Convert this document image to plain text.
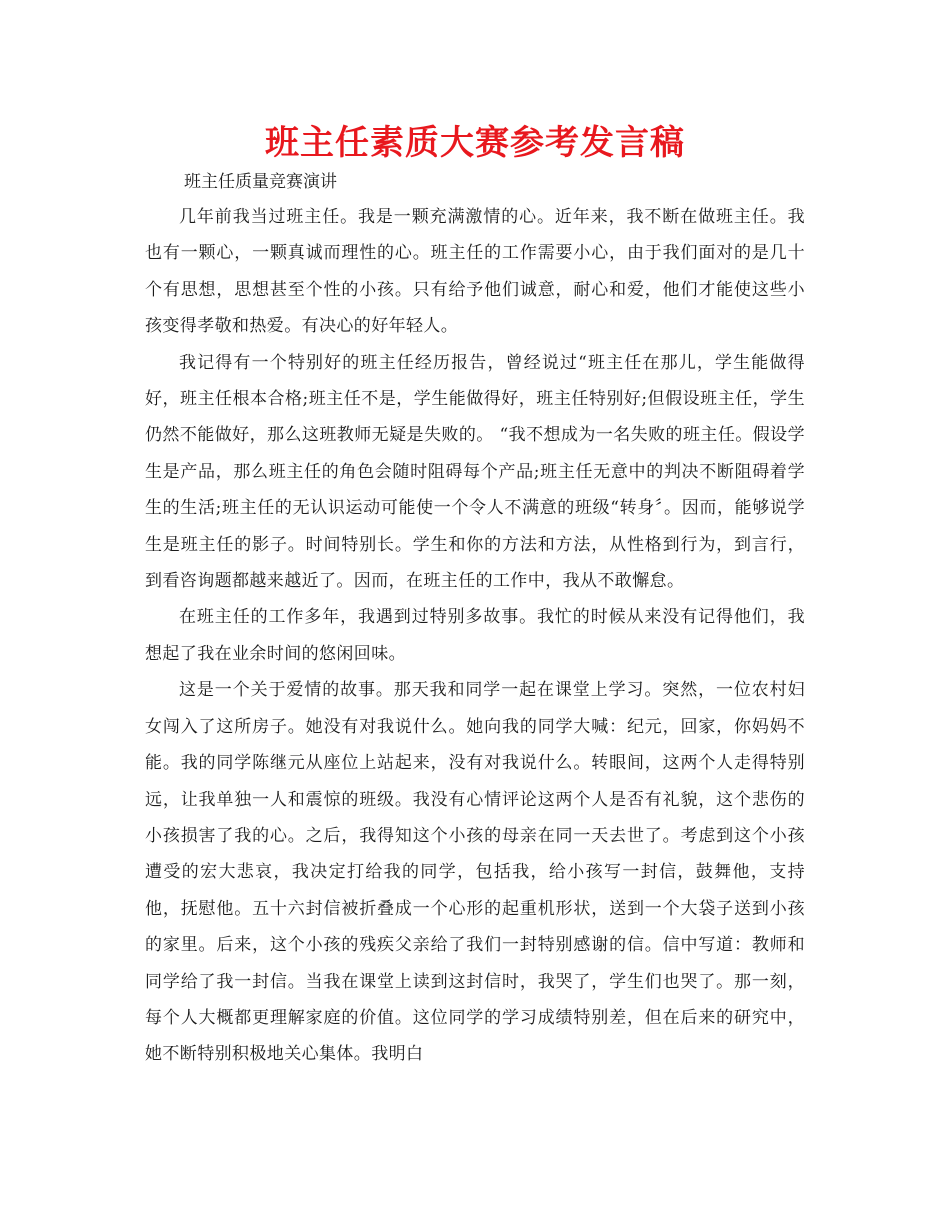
班主任素质大赛参考发言稿

班主任质量竞赛演讲

几年前我当过班主任。我是一颗充满激情的心。近年来，我不断在做班主任。我也有一颗心，一颗真诚而理性的心。班主任的工作需要小心，由于我们面对的是几十个有思想，思想甚至个性的小孩。只有给予他们诚意，耐心和爱，他们才能使这些小孩变得孝敬和热爱。有决心的好年轻人。

我记得有一个特别好的班主任经历报告，曾经说过“班主任在那儿，学生能做得好，班主任根本合格;班主任不是，学生能做得好，班主任特别好;但假设班主任，学生仍然不能做好，那么这班教师无疑是失败的。 “我不想成为一名失败的班主任。假设学生是产品，那么班主任的角色会随时阻碍每个产品;班主任无意中的判决不断阻碍着学生的生活;班主任的无认识运动可能使一个令人不满意的班级“转身〞。因而，能够说学生是班主任的影子。时间特别长。学生和你的方法和方法，从性格到行为，到言行，到看咨询题都越来越近了。因而，在班主任的工作中，我从不敢懈怠。

在班主任的工作多年，我遇到过特别多故事。我忙的时候从来没有记得他们，我想起了我在业余时间的悠闲回味。

这是一个关于爱情的故事。那天我和同学一起在课堂上学习。突然，一位农村妇女闯入了这所房子。她没有对我说什么。她向我的同学大喊：纪元，回家，你妈妈不能。我的同学陈继元从座位上站起来，没有对我说什么。转眼间，这两个人走得特别远，让我单独一人和震惊的班级。我没有心情评论这两个人是否有礼貌，这个悲伤的小孩损害了我的心。之后，我得知这个小孩的母亲在同一天去世了。考虑到这个小孩遭受的宏大悲哀，我决定打给我的同学，包括我，给小孩写一封信，鼓舞他，支持他，抚慰他。五十六封信被折叠成一个心形的起重机形状，送到一个大袋子送到小孩的家里。后来，这个小孩的残疾父亲给了我们一封特别感谢的信。信中写道：教师和同学给了我一封信。当我在课堂上读到这封信时，我哭了，学生们也哭了。那一刻，每个人大概都更理解家庭的价值。这位同学的学习成绩特别差，但在后来的研究中，她不断特别积极地关心集体。我明白
